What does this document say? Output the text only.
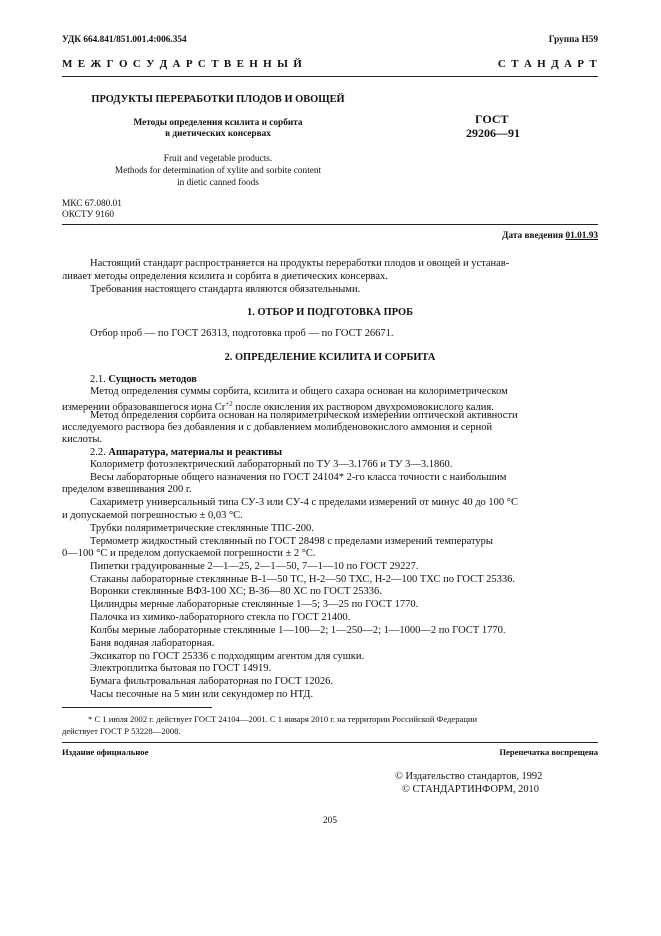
УДК 664.841/851.001.4:006.354	Группа Н59
М Е Ж Г О С У Д А Р С Т В Е Н Н Ы Й	С Т А Н Д А Р Т
ПРОДУКТЫ ПЕРЕРАБОТКИ ПЛОДОВ И ОВОЩЕЙ
Методы определения ксилита и сорбита
в диетических консервах
ГОСТ
29206—91
Fruit and vegetable products.
Methods for determination of xylite and sorbite content
in dietic canned foods
МКС 67.080.01
ОКСТУ 9160
Дата введения 01.01.93
Настоящий стандарт распространяется на продукты переработки плодов и овощей и устанав-
ливает методы определения ксилита и сорбита в диетических консервах.
Требования настоящего стандарта являются обязательными.
1. ОТБОР И ПОДГОТОВКА ПРОБ
Отбор проб — по ГОСТ 26313, подготовка проб — по ГОСТ 26671.
2. ОПРЕДЕЛЕНИЕ КСИЛИТА И СОРБИТА
2.1. Сущность методов
Метод определения суммы сорбита, ксилита и общего сахара основан на колориметрическом
измерении образовавшегося иона $Cr^{+2}$ после окисления их раствором двухромовокислого калия.
Метод определения сорбита основан на поляриметрическом измерении оптической активности
исследуемого раствора без добавления и с добавлением молибденовокислого аммония и серной
кислоты.
2.2. Аппаратура, материалы и реактивы
Колориметр фотоэлектрический лабораторный по ТУ 3—3.1766 и ТУ 3—3.1860.
Весы лабораторные общего назначения по ГОСТ 24104* 2-го класса точности с наибольшим
пределом взвешивания 200 г.
Сахариметр универсальный типа СУ-3 или СУ-4 с пределами измерений от минус 40 до 100 °С
и допускаемой погрешностью ± 0,03 °С.
Трубки поляриметрические стеклянные ТПС-200.
Термометр жидкостный стеклянный по ГОСТ 28498 с пределами измерений температуры
0—100 °С и пределом допускаемой погрешности ± 2 °С.
Пипетки градуированные 2—1—25, 2—1—50, 7—1—10 по ГОСТ 29227.
Стаканы лабораторные стеклянные В-1—50 ТС, Н-2—50 ТХС, Н-2—100 ТХС по ГОСТ 25336.
Воронки стеклянные ВФЗ-100 ХС; В-36—80 ХС по ГОСТ 25336.
Цилиндры мерные лабораторные стеклянные 1—5; 3—25 по ГОСТ 1770.
Палочка из химико-лабораторного стекла по ГОСТ 21400.
Колбы мерные лабораторные стеклянные 1—100—2; 1—250—2; 1—1000—2 по ГОСТ 1770.
Баня водяная лабораторная.
Эксикатор по ГОСТ 25336 с подходящим агентом для сушки.
Электроплитка бытовая по ГОСТ 14919.
Бумага фильтровальная лабораторная по ГОСТ 12026.
Часы песочные на 5 мин или секундомер по НТД.
* С 1 июля 2002 г. действует ГОСТ 24104—2001. С 1 января 2010 г. на территории Российской Федерации
действует ГОСТ Р 53228—2008.
Издание официальное	Перепечатка воспрещена
© Издательство стандартов, 1992
© СТАНДАРТИНФОРМ, 2010
205
